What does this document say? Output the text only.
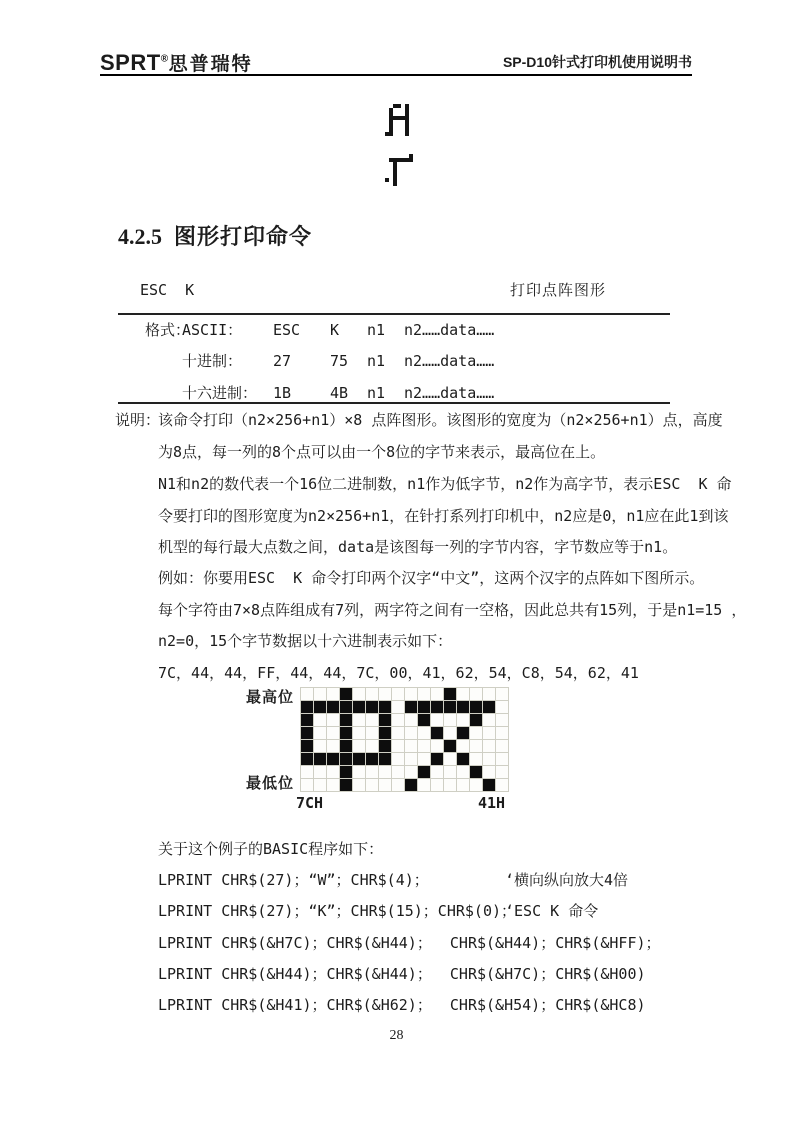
SPRT®思普瑞特	SP-D10针式打印机使用说明书
4.2.5 图形打印命令
ESC  K	打印点阵图形
格式：
ASCII： ESC K n1 n2……data……
十进制： 27	75 n1 n2……data……
十六进制： 1B	4B n1 n2……data……
说明：
该命令打印（n2×256+n1）×8 点阵图形。该图形的宽度为（n2×256+n1）点，高度
为8点，每一列的8个点可以由一个8位的字节来表示，最高位在上。
N1和n2的数代表一个16位二进制数，n1作为低字节，n2作为高字节，表示ESC  K 命
令要打印的图形宽度为n2×256+n1，在针打系列打印机中，n2应是0，n1应在此1到该
机型的每行最大点数之间，data是该图每一列的字节内容，字节数应等于n1。
例如：你要用ESC  K 命令打印两个汉字“中文”，这两个汉字的点阵如下图所示。
每个字符由7×8点阵组成有7列，两字符之间有一空格，因此总共有15列，于是n1=15 ，
n2=0，15个字节数据以十六进制表示如下：
7C，44，44，FF，44，44，7C，00，41，62，54，C8，54，62，41
最高位
最低位
7CH	41H
关于这个例子的BASIC程序如下：
LPRINT CHR$(27)；“W”；CHR$(4)；	‘横向纵向放大4倍
LPRINT CHR$(27)；“K”；CHR$(15)；CHR$(0)；
‘ESC K 命令
LPRINT CHR$(&H7C)；CHR$(&H44)；  CHR$(&H44)；CHR$(&HFF)；
LPRINT CHR$(&H44)；CHR$(&H44)；  CHR$(&H7C)；CHR$(&H00)
LPRINT CHR$(&H41)；CHR$(&H62)；  CHR$(&H54)；CHR$(&HC8)
28
